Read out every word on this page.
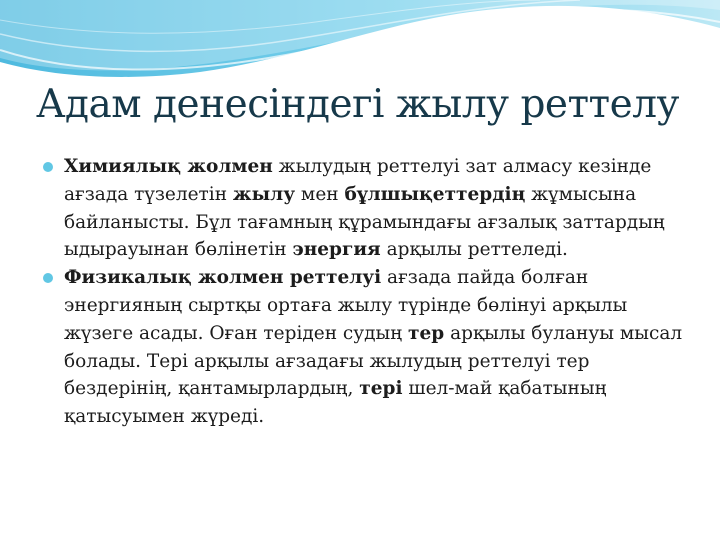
Адам денесіндегі жылу реттелу
Химиялық жолмен жылудың реттелуі зат алмасу кезінде ағзада түзелетін жылу мен бұлшықеттердің жұмысына байланысты. Бұл тағамның құрамындағы ағзалық заттардың ыдырауынан бөлінетін энергия арқылы реттеледі.
Физикалық жолмен реттелуі ағзада пайда болған энергияның сыртқы ортаға жылу түрінде бөлінуі арқылы жүзеге асады. Оған теріден судың тер арқылы булануы мысал болады. Тері арқылы ағзадағы жылудың реттелуі тер бездерінің, қантамырлардың, тері шел-май қабатының қатысуымен жүреді.
